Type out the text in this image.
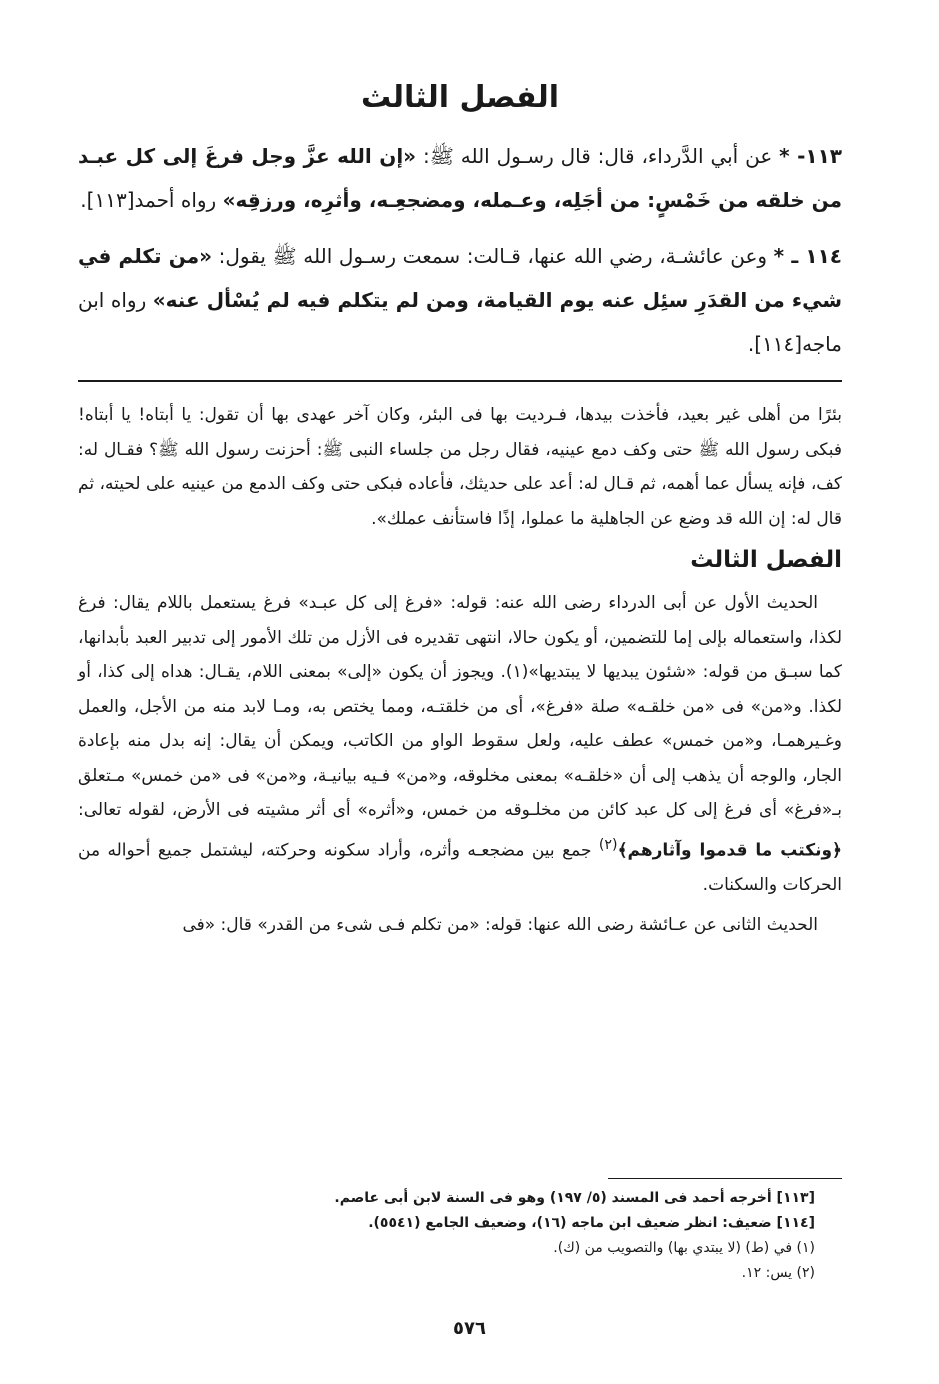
الفصل الثالث

١١٣- * عن أبي الدَّرداء، قال: قال رسـول الله ﷺ: «إن الله عزَّ وجل فرغَ إلى كل عبـد من خلقه من خَمْسٍ: من أجَلِه، وعـمله، ومضجعِـه، وأثرِه، ورزقِه» رواه أحمد[١١٣].

١١٤ ـ * وعن عائشـة، رضي الله عنها، قـالت: سمعت رسـول الله ﷺ يقول: «من تكلم في شيء من القدَرِ سئِل عنه يوم القيامة، ومن لم يتكلم فيه لم يُسْأل عنه» رواه ابن ماجه[١١٤].

بئرًا من أهلى غير بعيد، فأخذت بيدها، فـرديت بها فى البئر، وكان آخر عهدى بها أن تقول: يا أبتاه! يا أبتاه! فبكى رسول الله ﷺ حتى وكف دمع عينيه، فقال رجل من جلساء النبى ﷺ: أحزنت رسول الله ﷺ؟ فقـال له: كف، فإنه يسأل عما أهمه، ثم قـال له: أعد على حديثك، فأعاده فبكى حتى وكف الدمع من عينيه على لحيته، ثم قال له: إن الله قد وضع عن الجاهلية ما عملوا، إذًا فاستأنف عملك».

الفصل الثالث

الحديث الأول عن أبى الدرداء رضى الله عنه: قوله: «فرغ إلى كل عبـد» فرغ يستعمل باللام يقال: فرغ لكذا، واستعماله بإلى إما للتضمين، أو يكون حالا، انتهى تقديره فى الأزل من تلك الأمور إلى تدبير العبد بأبدانها، كما سبـق من قوله: «شئون يبديها لا يبتديها»(١). ويجوز أن يكون «إلى» بمعنى اللام، يقـال: هداه إلى كذا، أو لكذا. و«من» فى «من خلقـه» صلة «فرغ»، أى من خلقتـه، ومما يختص به، ومـا لابد منه من الأجل، والعمل وغـيرهمـا، و«من خمس» عطف عليه، ولعل سقوط الواو من الكاتب، ويمكن أن يقال: إنه بدل منه بإعادة الجار، والوجه أن يذهب إلى أن «خلقـه» بمعنى مخلوقه، و«من» فـيه بيانيـة، و«من» فى «من خمس» مـتعلق بـ«فرغ» أى فرغ إلى كل عبد كائن من مخلـوقه من خمس، و«أثره» أى أثر مشيته فى الأرض، لقوله تعالى: ﴿ونكتب ما قدموا وآثارهم﴾$^{(٢)}$ جمع بين مضجعـه وأثره، وأراد سكونه وحركته، ليشتمل جميع أحواله من الحركات والسكنات.

الحديث الثانى عن عـائشة رضى الله عنها: قوله: «من تكلم فـى شىء من القدر» قال: «فى

[١١٣] أخرجه أحمد فى المسند (٥/ ١٩٧) وهو فى السنة لابن أبى عاصم.
[١١٤] ضعيف: انظر ضعيف ابن ماجه (١٦)، وضعيف الجامع (٥٥٤١).
(١) في (ط) (لا يبتدي بها) والتصويب من (ك).
(٢) يس: ١٢.
٥٧٦
